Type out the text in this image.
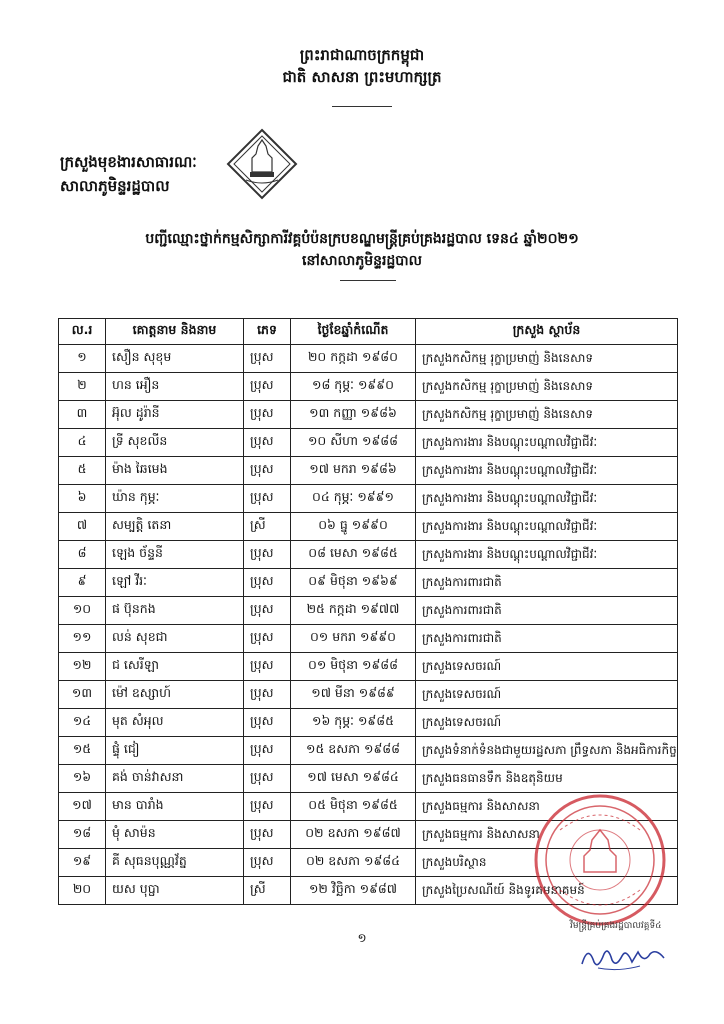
ព្រះរាជាណាចក្រកម្ពុជា
ជាតិ សាសនា ព្រះមហាក្សត្រ
ក្រសួងមុខងារសាធារណៈ
សាលាភូមិន្ទរដ្ឋបាល
បញ្ជីឈ្មោះថ្នាក់កម្មសិក្សាការីវគ្គបំប៉នក្របខណ្ឌមន្ត្រីគ្រប់គ្រងរដ្ឋបាល ទេន៤ ឆ្នាំ២០២១
នៅសាលាភូមិន្ទរដ្ឋបាល
ល.រ	គោត្តនាម និងនាម	ភេទ	ថ្ងៃខែឆ្នាំកំណើត	ក្រសួង ស្ថាប័ន
១	សឿន សុខុម	ប្រុស	២០ កក្កដា ១៩៨០	ក្រសួងកសិកម្ម រុក្ខាប្រមាញ់ និងនេសាទ
២	ហន អឿន	ប្រុស	១៨ កុម្ភៈ ១៩៩០	ក្រសួងកសិកម្ម រុក្ខាប្រមាញ់ និងនេសាទ
៣	អ៊ុល ដូរ៉ានី	ប្រុស	១៣ កញ្ញា ១៩៨៦	ក្រសួងកសិកម្ម រុក្ខាប្រមាញ់ និងនេសាទ
៤	ទ្រី សុខលីន	ប្រុស	១០ សីហា ១៩៨៨	ក្រសួងការងារ និងបណ្តុះបណ្តាលវិជ្ជាជីវៈ
៥	ម៉ាង ឆៃមេង	ប្រុស	១៧ មករា ១៩៨៦	ក្រសួងការងារ និងបណ្តុះបណ្តាលវិជ្ជាជីវៈ
៦	ឃ៉ាន កុម្ភៈ	ប្រុស	០៤ កុម្ភៈ ១៩៩១	ក្រសួងការងារ និងបណ្តុះបណ្តាលវិជ្ជាជីវៈ
៧	សម្បត្តិ តេនា	ស្រី	០៦ ធ្នូ ១៩៩០	ក្រសួងការងារ និងបណ្តុះបណ្តាលវិជ្ជាជីវៈ
៨	ឡេង ច័ន្ទនី	ប្រុស	០៨ មេសា ១៩៨៥	ក្រសួងការងារ និងបណ្តុះបណ្តាលវិជ្ជាជីវៈ
៩	ឡៅ វីរៈ	ប្រុស	០៩ មិថុនា ១៩៦៩	ក្រសួងការពារជាតិ
១០	ផ ប៊ុនកង	ប្រុស	២៥ កក្កដា ១៩៧៧	ក្រសួងការពារជាតិ
១១	លន់ សុខជា	ប្រុស	០១ មករា ១៩៩០	ក្រសួងការពារជាតិ
១២	ជ សេរីឡា	ប្រុស	០១ មិថុនា ១៩៨៨	ក្រសួងទេសចរណ៍
១៣	ម៉ៅ ឧស្សាហ៍	ប្រុស	១៧ មីនា ១៩៨៩	ក្រសួងទេសចរណ៍
១៤	មុត សំអុល	ប្រុស	១៦ កុម្ភៈ ១៩៨៥	ក្រសួងទេសចរណ៍
១៥	ផ្ទុំ ជៀ	ប្រុស	១៥ ឧសភា ១៩៨៨	ក្រសួងទំនាក់ទំនងជាមួយរដ្ឋសភា ព្រឹទ្ធសភា និងអធិការកិច្ច
១៦	គង់ ចាន់វាសនា	ប្រុស	១៧ មេសា ១៩៨៤	ក្រសួងធនធានទឹក និងឧតុនិយម
១៧	មាន បារាំង	ប្រុស	០៥ មិថុនា ១៩៨៥	ក្រសួងធម្មការ និងសាសនា
១៨	មុំ សាម៉ន	ប្រុស	០២ ឧសភា ១៩៨៧	ក្រសួងធម្មការ និងសាសនា
១៩	គី សុធនបុណ្ណវ័ត្ន	ប្រុស	០២ ឧសភា ១៩៨៤	ក្រសួងបរិស្ថាន
២០	យស បុប្ផា	ស្រី	១២ វិច្ឆិកា ១៩៨៧	ក្រសួងប្រៃសណីយ៍ និងទូរគមនាគមន៍
១
វិមន្ត្រីគ្រប់គ្រងរដ្ឋបាលវគ្គទី៤
